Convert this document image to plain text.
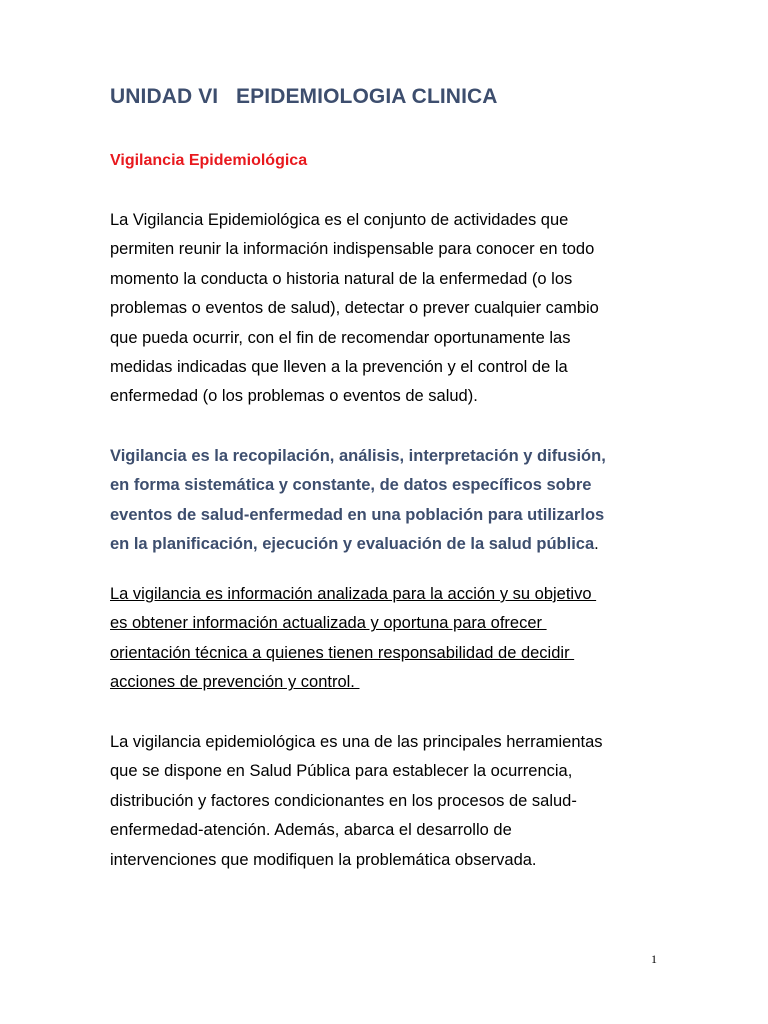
UNIDAD VI   EPIDEMIOLOGIA CLINICA
Vigilancia Epidemiológica

La Vigilancia Epidemiológica es el conjunto de actividades que
permiten reunir la información indispensable para conocer en todo
momento la conducta o historia natural de la enfermedad (o los
problemas o eventos de salud), detectar o prever cualquier cambio
que pueda ocurrir, con el fin de recomendar oportunamente las
medidas indicadas que lleven a la prevención y el control de la
enfermedad (o los problemas o eventos de salud).

Vigilancia es la recopilación, análisis, interpretación y difusión,
en forma sistemática y constante, de datos específicos sobre
eventos de salud-enfermedad en una población para utilizarlos
en la planificación, ejecución y evaluación de la salud pública.

La vigilancia es información analizada para la acción y su objetivo
es obtener información actualizada y oportuna para ofrecer
orientación técnica a quienes tienen responsabilidad de decidir
acciones de prevención y control.

La vigilancia epidemiológica es una de las principales herramientas
que se dispone en Salud Pública para establecer la ocurrencia,
distribución y factores condicionantes en los procesos de salud-
enfermedad-atención. Además, abarca el desarrollo de
intervenciones que modifiquen la problemática observada.

1
